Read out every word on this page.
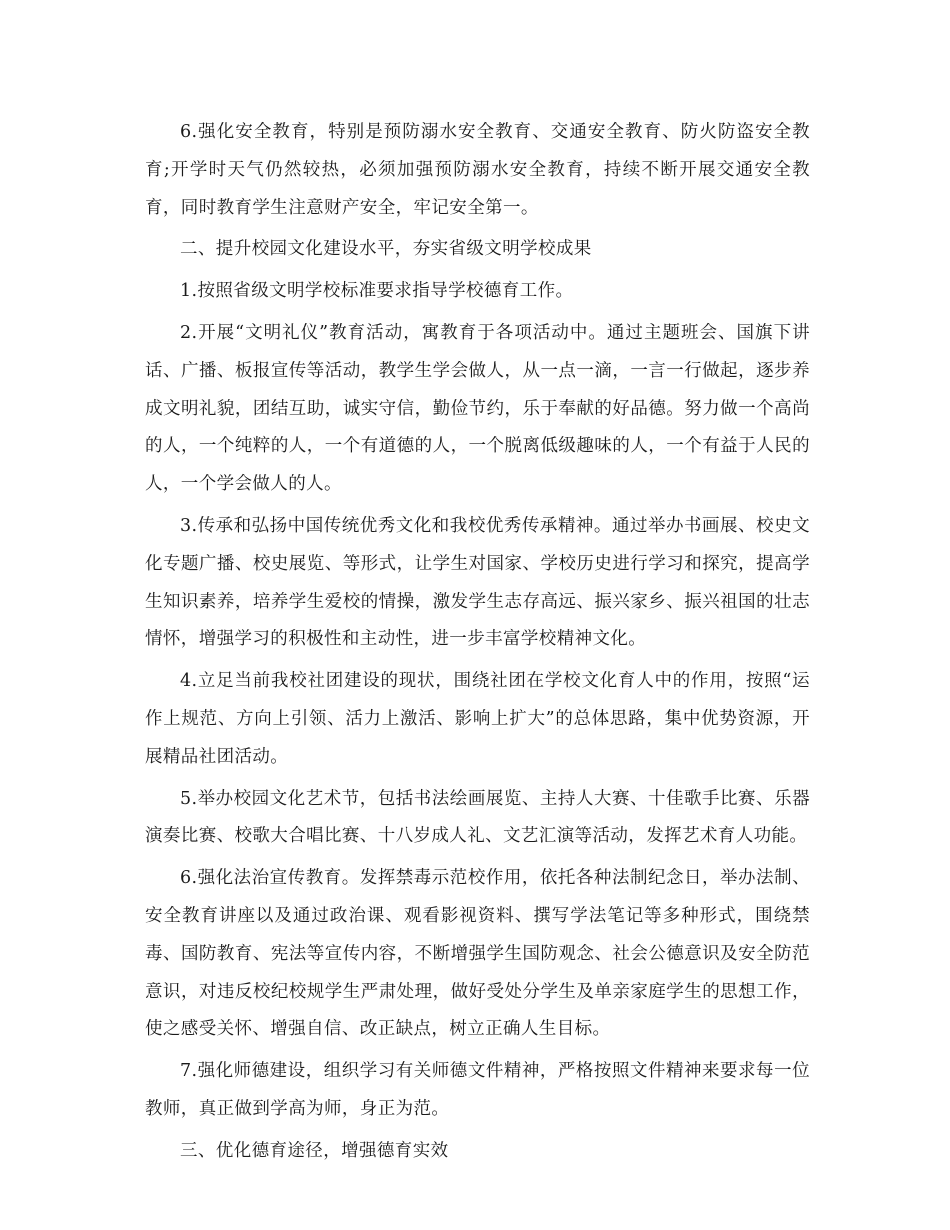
6.强化安全教育，特别是预防溺水安全教育、交通安全教育、防火防盗安全教育;开学时天气仍然较热，必须加强预防溺水安全教育，持续不断开展交通安全教育，同时教育学生注意财产安全，牢记安全第一。

二、提升校园文化建设水平，夯实省级文明学校成果

1.按照省级文明学校标准要求指导学校德育工作。

2.开展“文明礼仪”教育活动，寓教育于各项活动中。通过主题班会、国旗下讲话、广播、板报宣传等活动，教学生学会做人，从一点一滴，一言一行做起，逐步养成文明礼貌，团结互助，诚实守信，勤俭节约，乐于奉献的好品德。努力做一个高尚的人，一个纯粹的人，一个有道德的人，一个脱离低级趣味的人，一个有益于人民的人，一个学会做人的人。

3.传承和弘扬中国传统优秀文化和我校优秀传承精神。通过举办书画展、校史文化专题广播、校史展览、等形式，让学生对国家、学校历史进行学习和探究，提高学生知识素养，培养学生爱校的情操，激发学生志存高远、振兴家乡、振兴祖国的壮志情怀，增强学习的积极性和主动性，进一步丰富学校精神文化。

4.立足当前我校社团建设的现状，围绕社团在学校文化育人中的作用，按照“运作上规范、方向上引领、活力上激活、影响上扩大”的总体思路，集中优势资源，开展精品社团活动。

5.举办校园文化艺术节，包括书法绘画展览、主持人大赛、十佳歌手比赛、乐器演奏比赛、校歌大合唱比赛、十八岁成人礼、文艺汇演等活动，发挥艺术育人功能。

6.强化法治宣传教育。发挥禁毒示范校作用，依托各种法制纪念日，举办法制、安全教育讲座以及通过政治课、观看影视资料、撰写学法笔记等多种形式，围绕禁毒、国防教育、宪法等宣传内容，不断增强学生国防观念、社会公德意识及安全防范意识，对违反校纪校规学生严肃处理，做好受处分学生及单亲家庭学生的思想工作，使之感受关怀、增强自信、改正缺点，树立正确人生目标。

7.强化师德建设，组织学习有关师德文件精神，严格按照文件精神来要求每一位教师，真正做到学高为师，身正为范。

三、优化德育途径，增强德育实效
